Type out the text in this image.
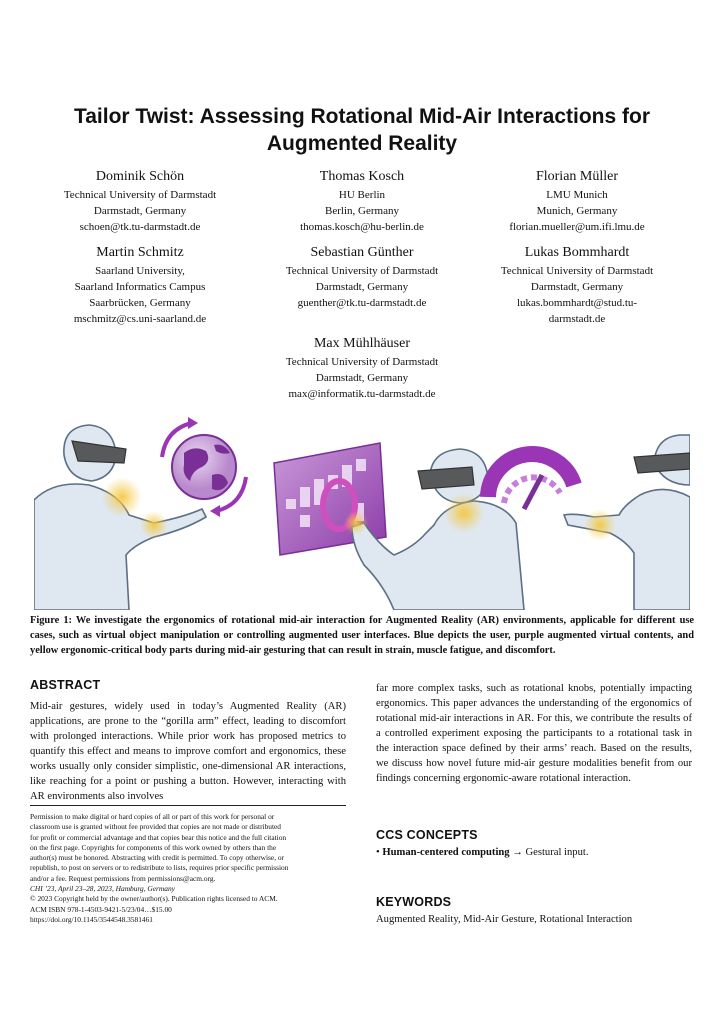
Tailor Twist: Assessing Rotational Mid-Air Interactions for
Augmented Reality
Dominik Schön
Technical University of Darmstadt
Darmstadt, Germany
schoen@tk.tu-darmstadt.de
Thomas Kosch
HU Berlin
Berlin, Germany
thomas.kosch@hu-berlin.de
Florian Müller
LMU Munich
Munich, Germany
florian.mueller@um.ifi.lmu.de
Martin Schmitz
Saarland University,
Saarland Informatics Campus
Saarbrücken, Germany
mschmitz@cs.uni-saarland.de
Sebastian Günther
Technical University of Darmstadt
Darmstadt, Germany
guenther@tk.tu-darmstadt.de
Lukas Bommhardt
Technical University of Darmstadt
Darmstadt, Germany
lukas.bommhardt@stud.tu-
darmstadt.de
Max Mühlhäuser
Technical University of Darmstadt
Darmstadt, Germany
max@informatik.tu-darmstadt.de
Figure 1: We investigate the ergonomics of rotational mid-air interaction for Augmented Reality (AR) environments, applicable for different use cases, such as virtual object manipulation or controlling augmented user interfaces. Blue depicts the user, purple augmented virtual contents, and yellow ergonomic-critical body parts during mid-air gesturing that can result in strain, muscle fatigue, and discomfort.
ABSTRACT
Mid-air gestures, widely used in today’s Augmented Reality (AR) applications, are prone to the “gorilla arm” effect, leading to discomfort with prolonged interactions. While prior work has proposed metrics to quantify this effect and means to improve comfort and ergonomics, these works usually only consider simplistic, one-dimensional AR interactions, like reaching for a point or pushing a button. However, interacting with AR environments also involves
far more complex tasks, such as rotational knobs, potentially impacting ergonomics. This paper advances the understanding of the ergonomics of rotational mid-air interactions in AR. For this, we contribute the results of a controlled experiment exposing the participants to a rotational task in the interaction space defined by their arms’ reach. Based on the results, we discuss how novel future mid-air gesture modalities benefit from our findings concerning ergonomic-aware rotational interaction.
Permission to make digital or hard copies of all or part of this work for personal or
classroom use is granted without fee provided that copies are not made or distributed
for profit or commercial advantage and that copies bear this notice and the full citation
on the first page. Copyrights for components of this work owned by others than the
author(s) must be honored. Abstracting with credit is permitted. To copy otherwise, or
republish, to post on servers or to redistribute to lists, requires prior specific permission
and/or a fee. Request permissions from permissions@acm.org.
CHI ’23, April 23–28, 2023, Hamburg, Germany
© 2023 Copyright held by the owner/author(s). Publication rights licensed to ACM.
ACM ISBN 978-1-4503-9421-5/23/04…$15.00
https://doi.org/10.1145/3544548.3581461
CCS CONCEPTS
• Human-centered computing → Gestural input.
KEYWORDS
Augmented Reality, Mid-Air Gesture, Rotational Interaction
